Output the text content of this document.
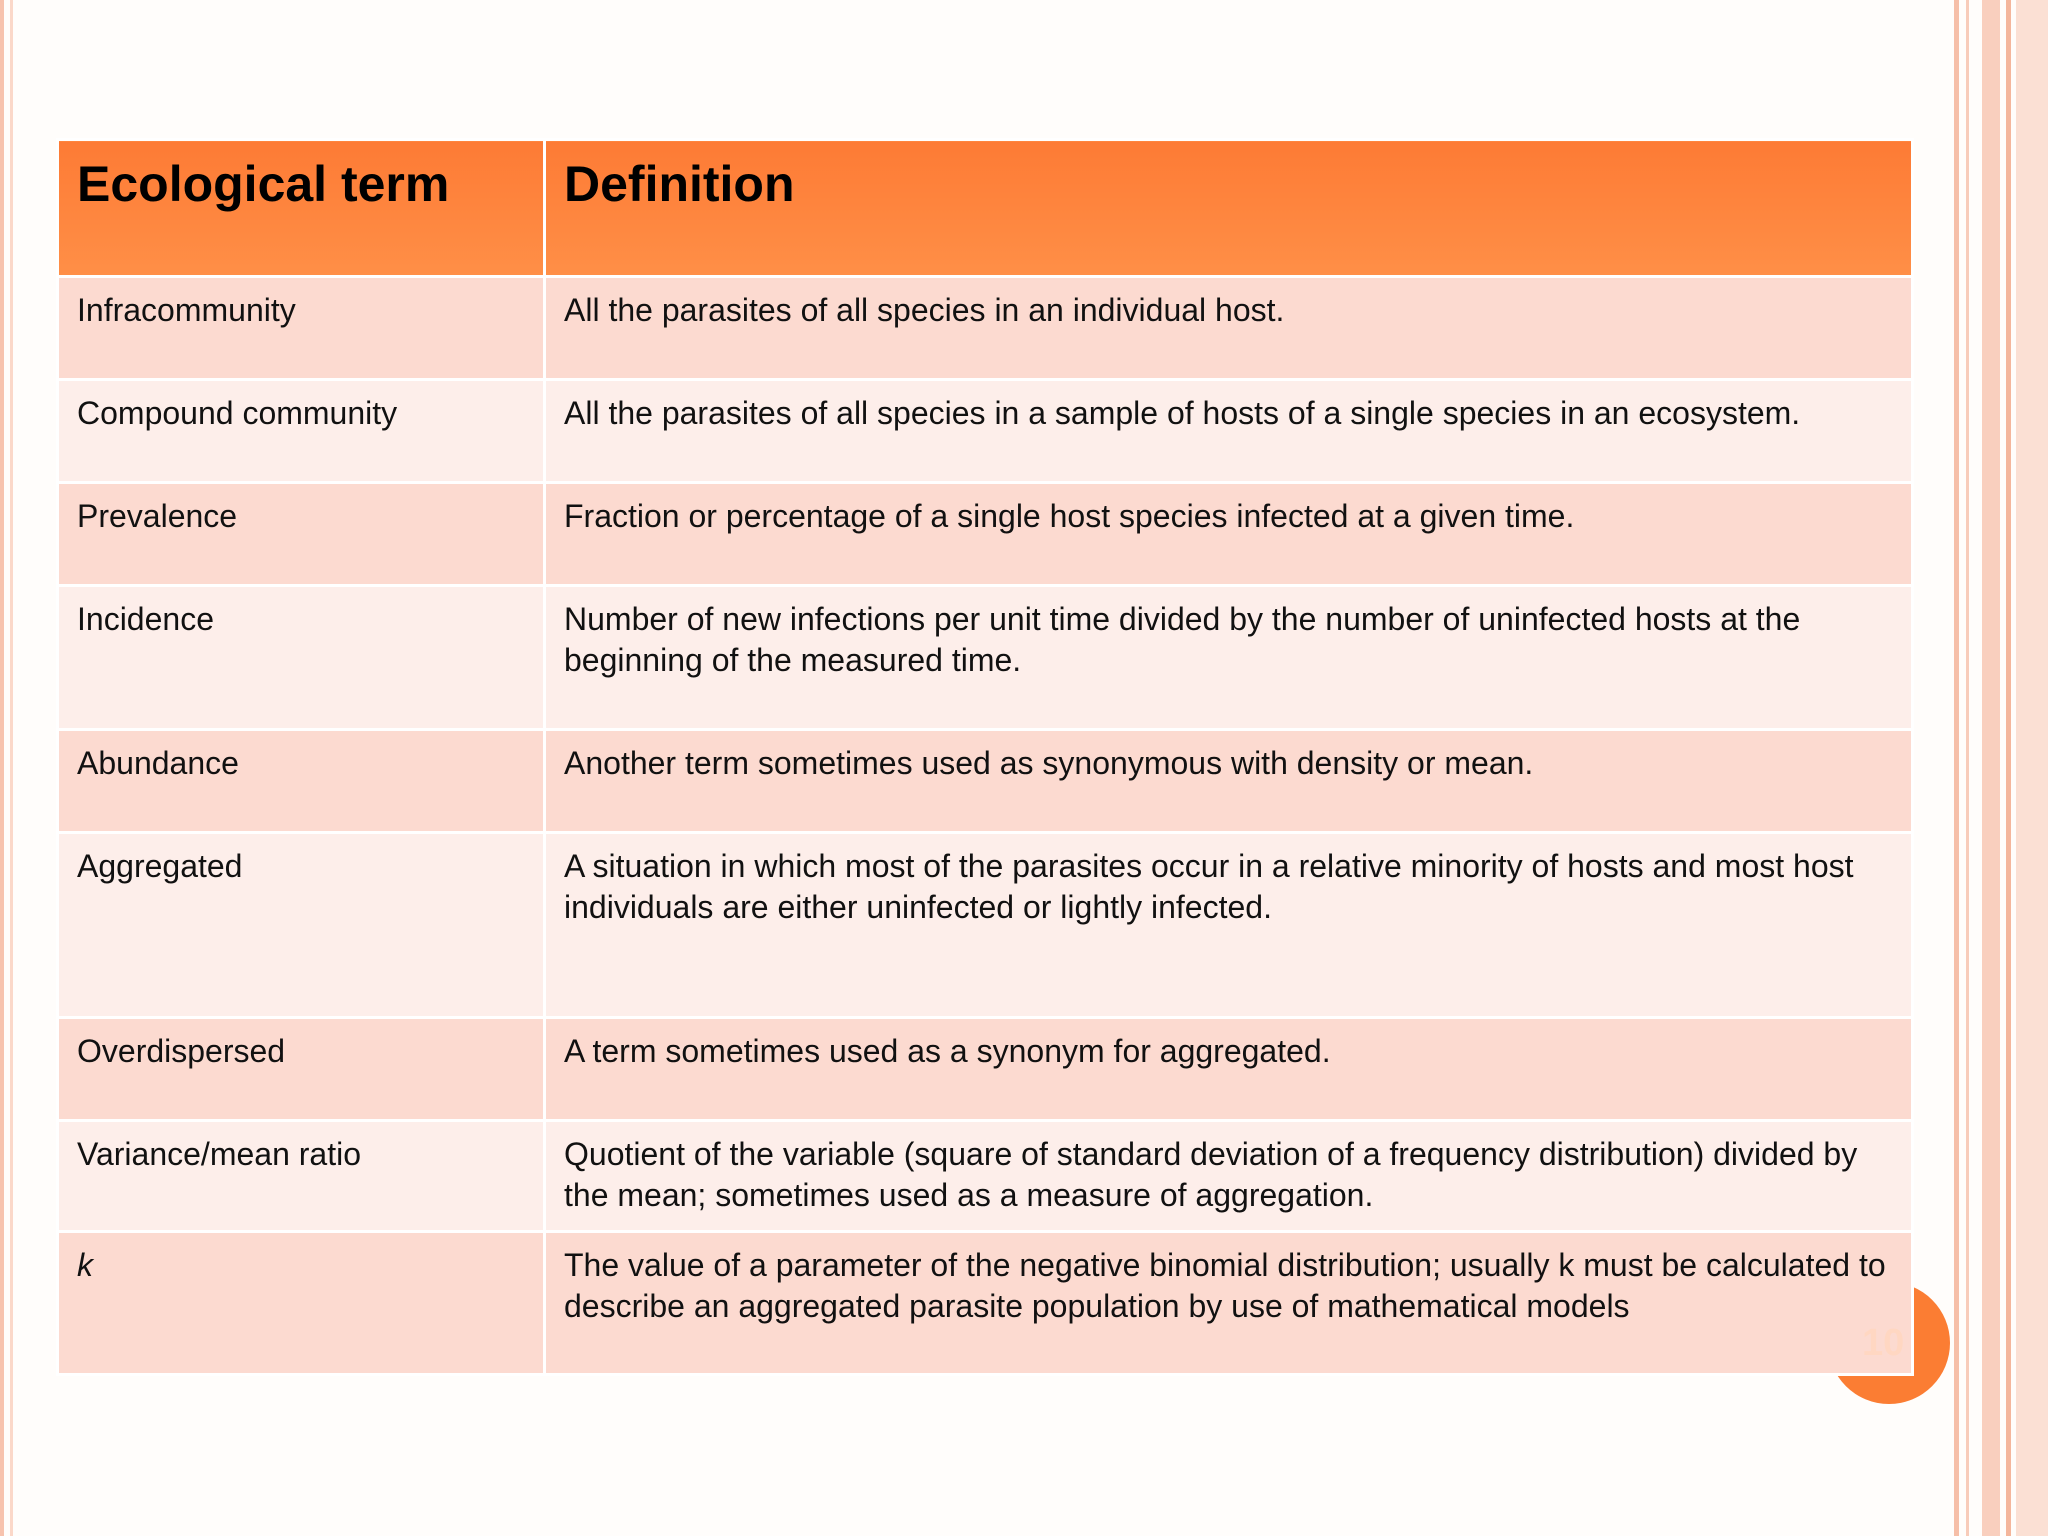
10
Ecological term	Definition
Infracommunity	All the parasites of all species in an individual host.
Compound community	All the parasites of all species in a sample of hosts of a single species in an ecosystem.
Prevalence	Fraction or percentage of a single host species infected at a given time.
Incidence	Number of new infections per unit time divided by the number of uninfected hosts at the beginning of the measured time.
Abundance	Another term sometimes used as synonymous with density or mean.
Aggregated	A situation in which most of the parasites occur in a relative minority of hosts and most host
individuals are either uninfected or lightly infected.
Overdispersed	A term sometimes used as a synonym for aggregated.
Variance/mean ratio	Quotient of the variable (square of standard deviation of a frequency distribution) divided by the mean; sometimes used as a measure of aggregation.
k	The value of a parameter of the negative binomial distribution; usually k must be calculated to describe an aggregated parasite population by use of mathematical models
